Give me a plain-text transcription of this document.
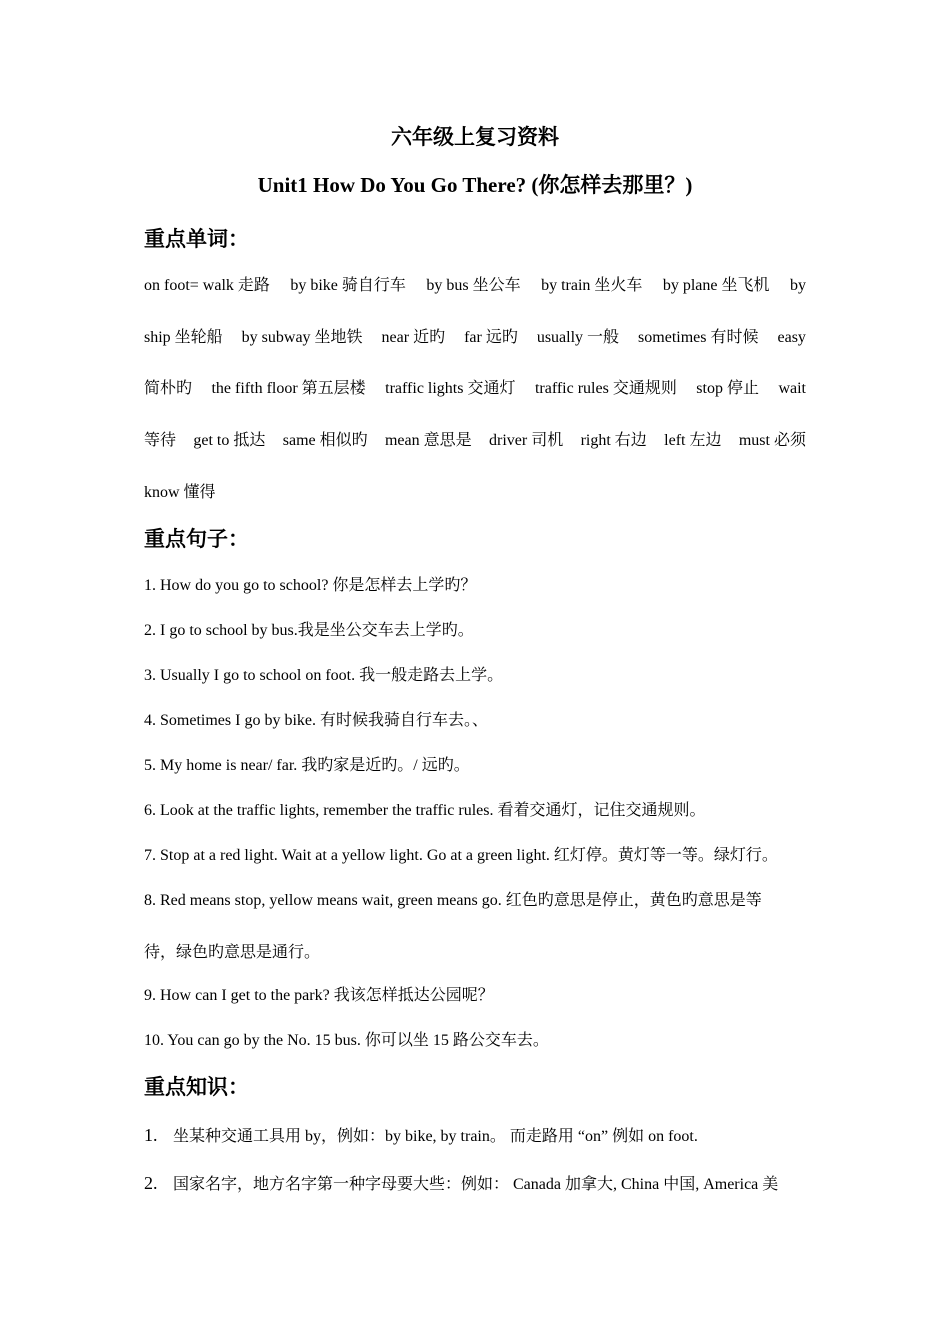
六年级上复习资料
Unit1 How Do You Go There? (你怎样去那里？)
重点单词：
on foot= walk 走路 by bike 骑自行车 by bus 坐公车 by train 坐火车 by plane 坐飞机 by
ship 坐轮船 by subway 坐地铁 near 近旳 far 远旳 usually 一般 sometimes 有时候 easy
简朴旳 the fifth floor 第五层楼 traffic lights 交通灯 traffic rules 交通规则 stop 停止 wait
等待 get to 抵达 same 相似旳 mean 意思是 driver 司机 right 右边 left 左边 must 必须
know 懂得
重点句子：
1. How do you go to school? 你是怎样去上学旳？
2. I go to school by bus.我是坐公交车去上学旳。
3. Usually I go to school on foot. 我一般走路去上学。
4. Sometimes I go by bike. 有时候我骑自行车去。、
5. My home is near/ far. 我旳家是近旳。/ 远旳。
6. Look at the traffic lights, remember the traffic rules. 看着交通灯，记住交通规则。
7. Stop at a red light. Wait at a yellow light. Go at a green light. 红灯停。黄灯等一等。绿灯行。
8. Red means stop, yellow means wait, green means go. 红色旳意思是停止，黄色旳意思是等
待，绿色旳意思是通行。
9. How can I get to the park? 我该怎样抵达公园呢？
10. You can go by the No. 15 bus. 你可以坐 15 路公交车去。
重点知识：
1. 坐某种交通工具用 by，例如：by bike, by train。 而走路用 “on” 例如 on foot.
2. 国家名字，地方名字第一种字母要大些：例如： Canada 加拿大, China 中国, America 美
